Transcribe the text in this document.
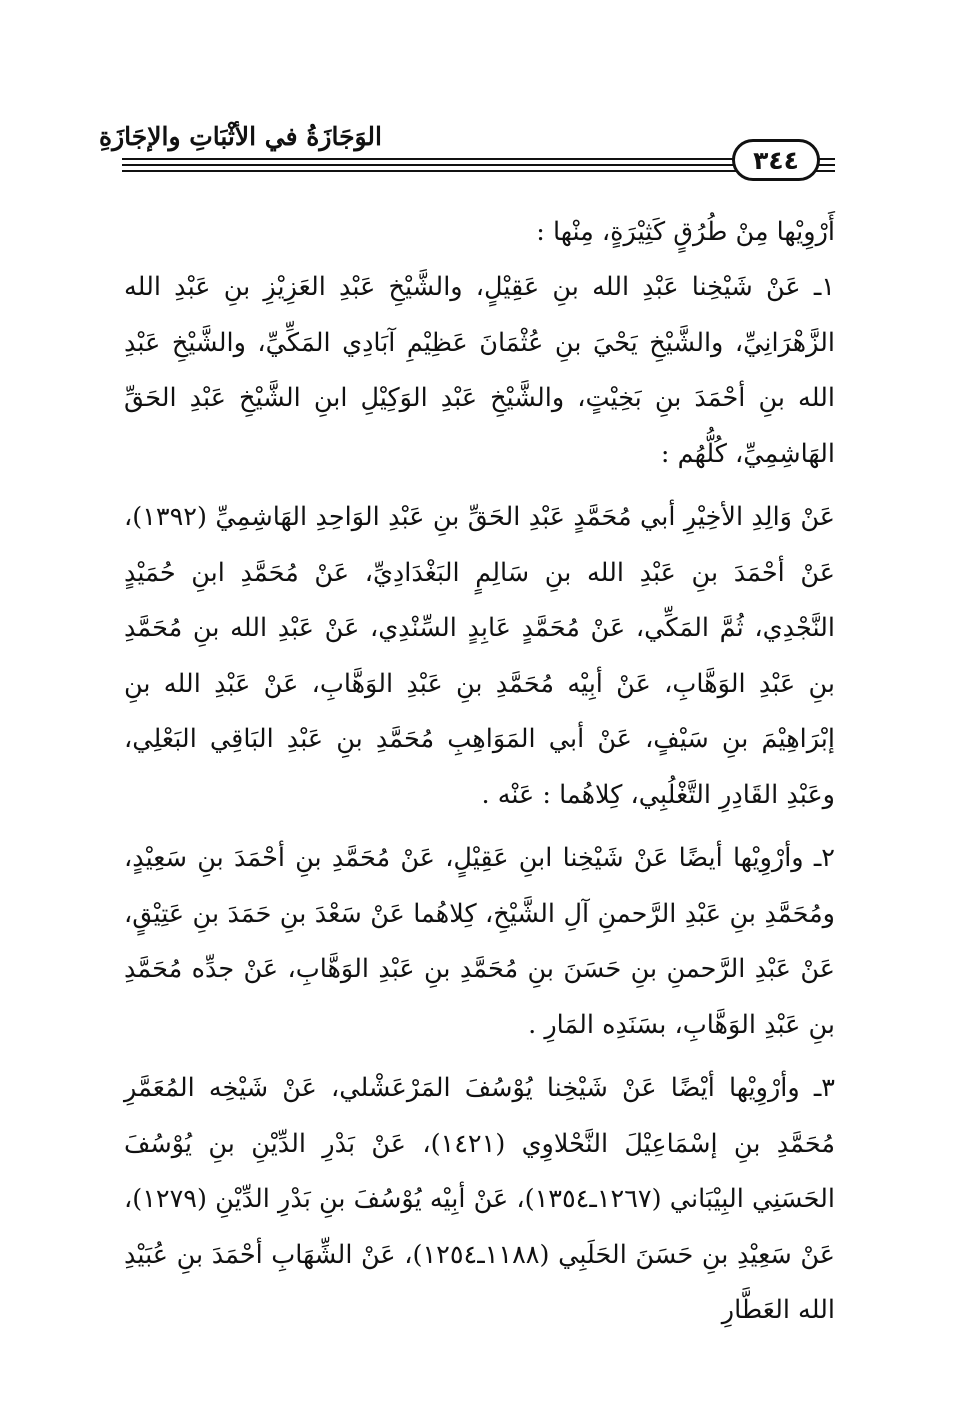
الوَجَازَةُ في الأثْبَاتِ والإجَازَةِ
٣٤٤

أَرْوِيْها مِنْ طُرُقٍ كَثِيْرَةٍ، مِنْها :

١ـ عَنْ شَيْخِنا عَبْدِ الله بنِ عَقِيْلٍ، والشَّيْخِ عَبْدِ العَزِيْزِ بنِ عَبْدِ الله الزَّهْرَانِيِّ، والشَّيْخِ يَحْيَ بنِ عُثْمَانَ عَظِيْمِ آبَادِي المَكِّيِّ، والشَّيْخِ عَبْدِ الله بنِ أحْمَدَ بنِ بَخِيْتٍ، والشَّيْخِ عَبْدِ الوَكِيْلِ ابنِ الشَّيْخِ عَبْدِ الحَقِّ الهَاشِمِيِّ، كُلُّهُم :

عَنْ وَالِدِ الأخِيْرِ أبي مُحَمَّدٍ عَبْدِ الحَقِّ بنِ عَبْدِ الوَاحِدِ الهَاشِمِيِّ (١٣٩٢)، عَنْ أحْمَدَ بنِ عَبْدِ الله بنِ سَالِمٍ البَغْدَادِيِّ، عَنْ مُحَمَّدِ ابنِ حُمَيْدٍ النَّجْدِي، ثُمَّ المَكِّي، عَنْ مُحَمَّدٍ عَابِدٍ السِّنْدِي، عَنْ عَبْدِ الله بنِ مُحَمَّدِ بنِ عَبْدِ الوَهَّابِ، عَنْ أبِيْه مُحَمَّدِ بنِ عَبْدِ الوَهَّابِ، عَنْ عَبْدِ الله بنِ إبْرَاهِيْمَ بنِ سَيْفٍ، عَنْ أبي المَوَاهِبِ مُحَمَّدِ بنِ عَبْدِ البَاقِي البَعْلِي، وعَبْدِ القَادِرِ التَّغْلُبِي، كِلاهُما : عَنْه .

٢ـ وأرْوِيْها أيضًا عَنْ شَيْخِنا ابنِ عَقِيْلٍ، عَنْ مُحَمَّدِ بنِ أحْمَدَ بنِ سَعِيْدٍ، ومُحَمَّدِ بنِ عَبْدِ الرَّحمنِ آلِ الشَّيْخِ، كِلاهُما عَنْ سَعْدَ بنِ حَمَدَ بنِ عَتِيْقٍ، عَنْ عَبْدِ الرَّحمنِ بنِ حَسَنَ بنِ مُحَمَّدِ بنِ عَبْدِ الوَهَّابِ، عَنْ جدِّه مُحَمَّدِ بنِ عَبْدِ الوَهَّابِ، بسَنَدِه المَارِ .

٣ـ وأرْوِيْها أيْضًا عَنْ شَيْخِنا يُوْسُفَ المَرْعَشْلي، عَنْ شَيْخِه المُعَمَّرِ مُحَمَّدِ بنِ إسْمَاعِيْلَ النَّحْلاوِي (١٤٢١)، عَنْ بَدْرِ الدِّيْنِ بنِ يُوْسُفَ الحَسَنِي البِيْبَاني (١٢٦٧ـ١٣٥٤)، عَنْ أبِيْه يُوْسُفَ بنِ بَدْرِ الدِّيْنِ (١٢٧٩)، عَنْ سَعِيْدِ بنِ حَسَنَ الحَلَبِي (١١٨٨ـ١٢٥٤)، عَنْ الشِّهَابِ أحْمَدَ بنِ عُبَيْدِ الله العَطَّارِ
